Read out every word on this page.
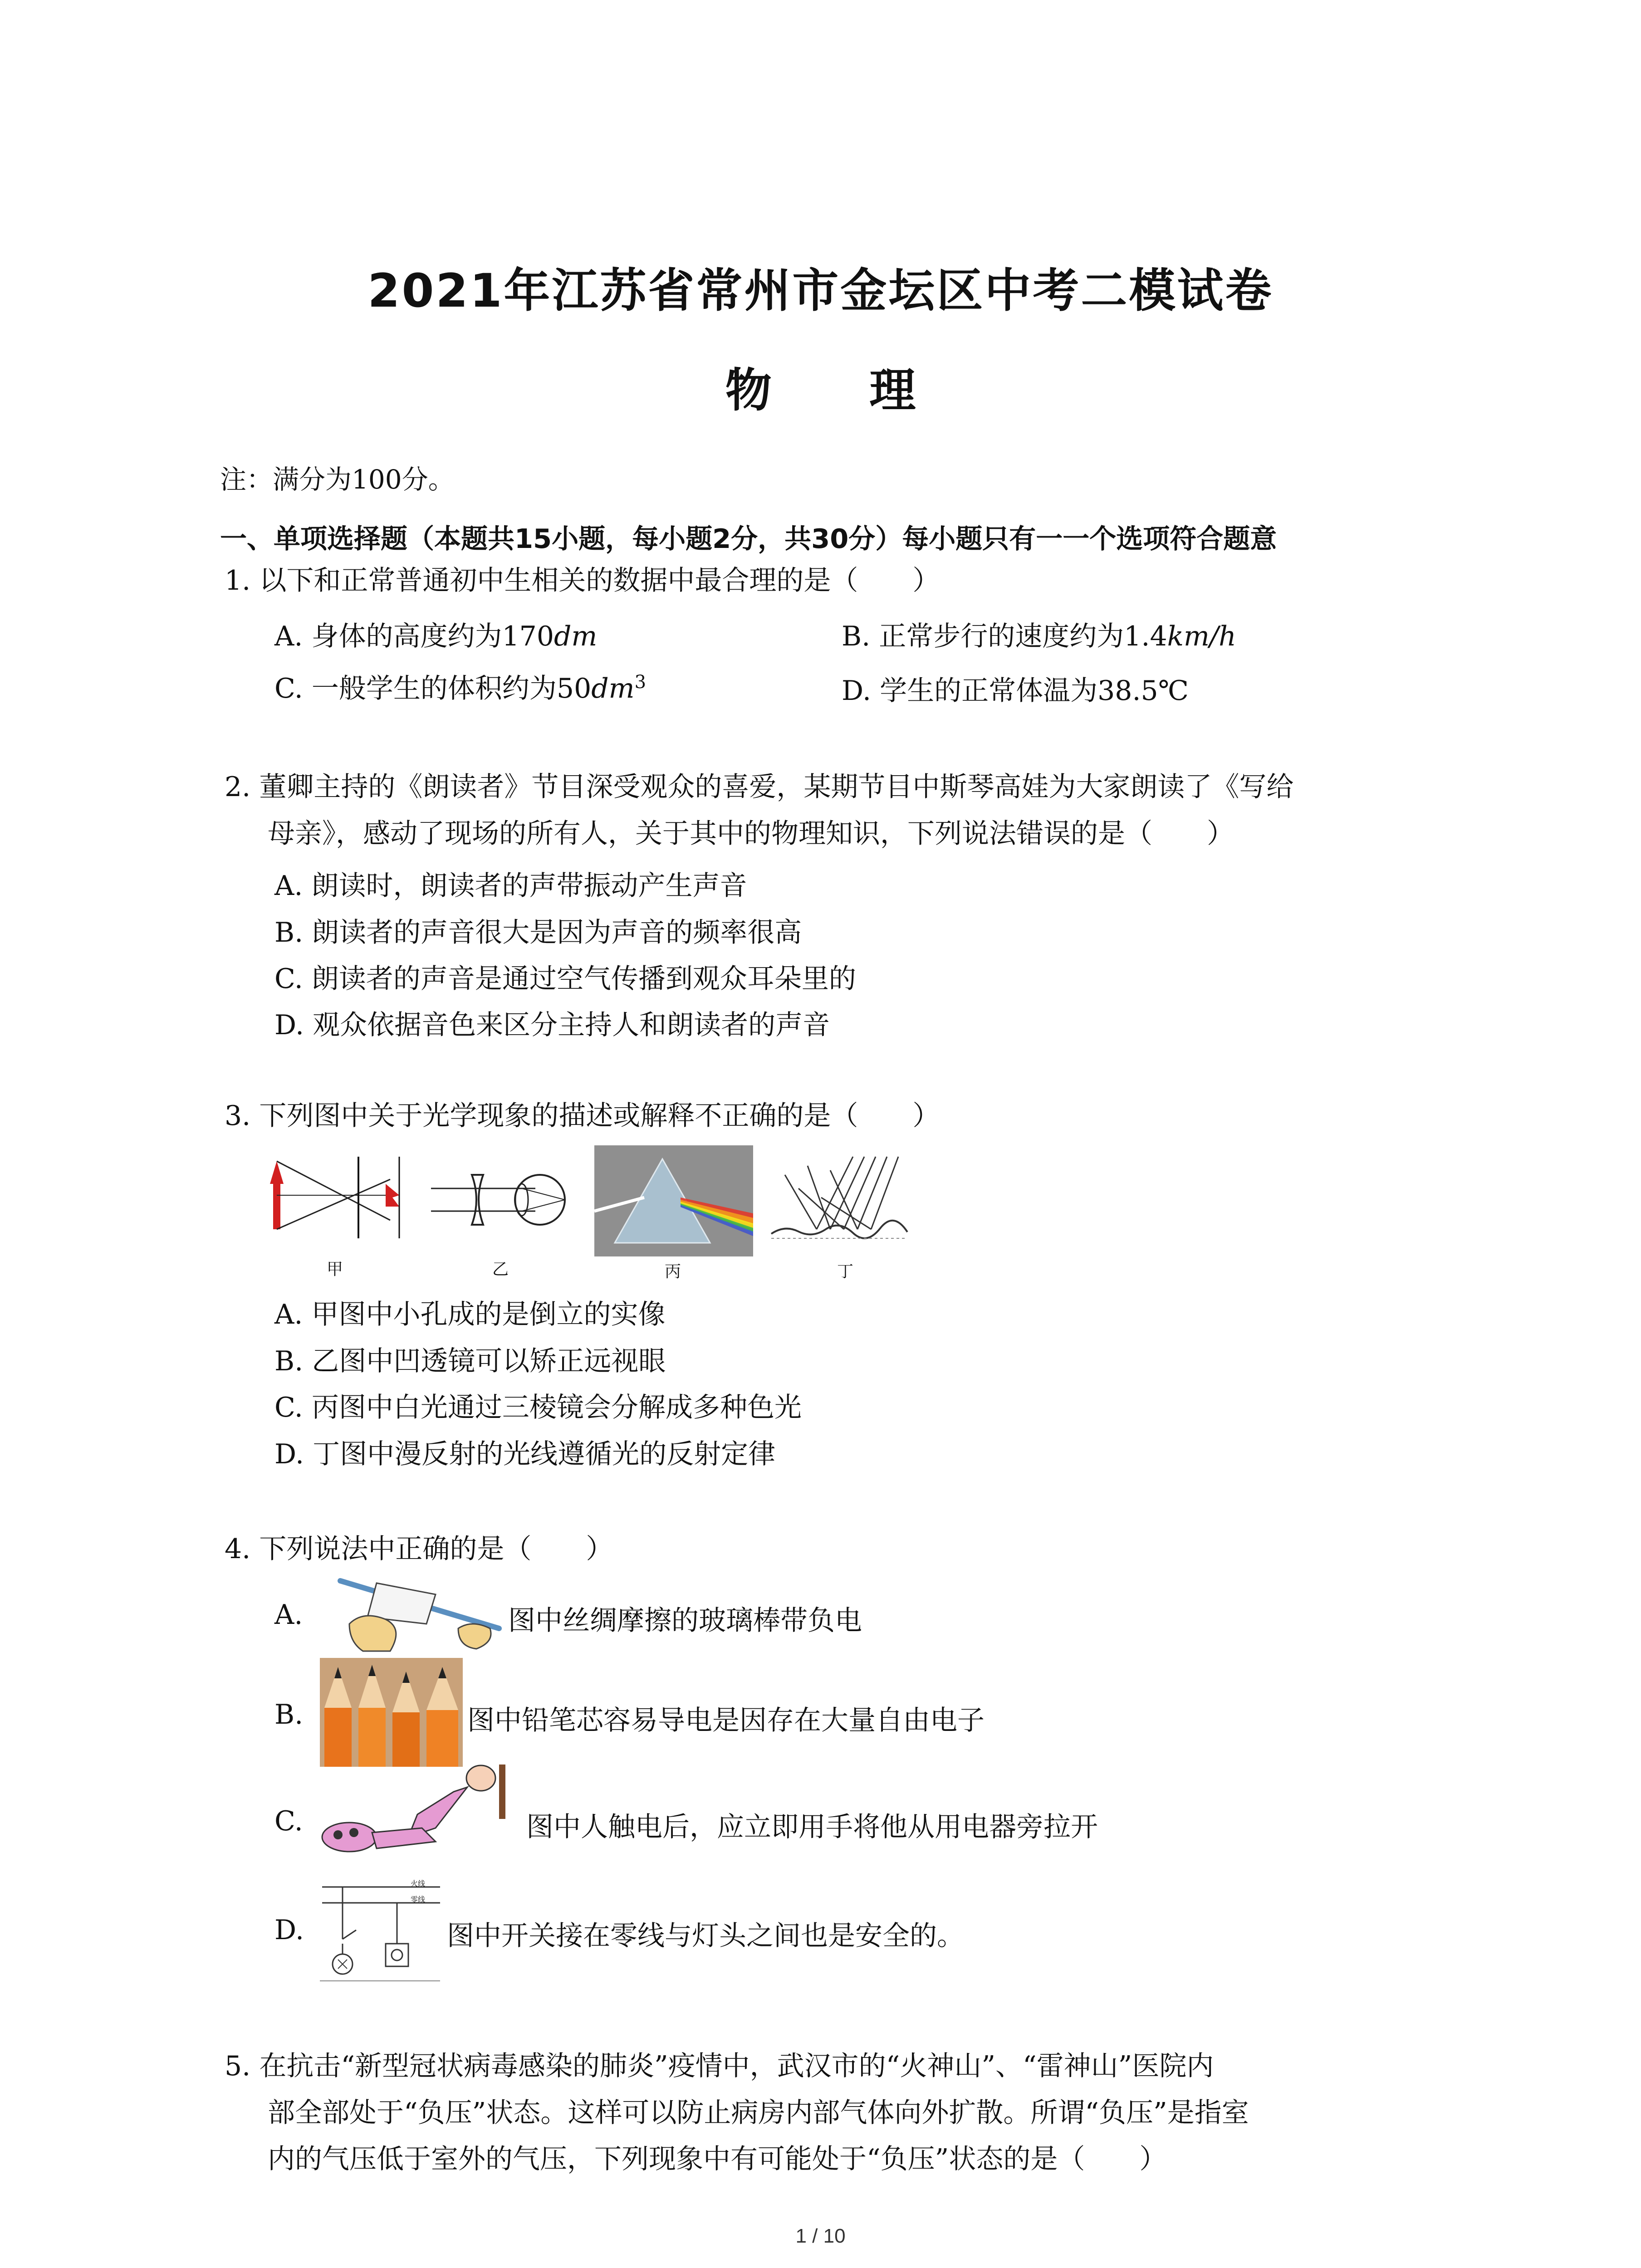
2021年江苏省常州市金坛区中考二模试卷
物 理
注：满分为100分。
一、单项选择题（本题共15小题，每小题2分，共30分）每小题只有一一个选项符合题意
1. 以下和正常普通初中生相关的数据中最合理的是（　　）
A. 身体的高度约为170dm	B. 正常步行的速度约为1.4km/h
C. 一般学生的体积约为$50dm^3$	D. 学生的正常体温为38.5℃
2. 董卿主持的《朗读者》节目深受观众的喜爱，某期节目中斯琴高娃为大家朗读了《写给
母亲》，感动了现场的所有人，关于其中的物理知识，下列说法错误的是（　　）
A. 朗读时，朗读者的声带振动产生声音
B. 朗读者的声音很大是因为声音的频率很高
C. 朗读者的声音是通过空气传播到观众耳朵里的
D. 观众依据音色来区分主持人和朗读者的声音
3. 下列图中关于光学现象的描述或解释不正确的是（　　）
甲	乙	丙	丁
A. 甲图中小孔成的是倒立的实像
B. 乙图中凹透镜可以矫正远视眼
C. 丙图中白光通过三棱镜会分解成多种色光
D. 丁图中漫反射的光线遵循光的反射定律
4. 下列说法中正确的是（　　）
A.	图中丝绸摩擦的玻璃棒带负电
B.	图中铅笔芯容易导电是因存在大量自由电子
C.	图中人触电后，应立即用手将他从用电器旁拉开
D.
火线
零线
图中开关接在零线与灯头之间也是安全的。
5. 在抗击“新型冠状病毒感染的肺炎”疫情中，武汉市的“火神山”、“雷神山”医院内
部全部处于“负压”状态。这样可以防止病房内部气体向外扩散。所谓“负压”是指室
内的气压低于室外的气压，下列现象中有可能处于“负压”状态的是（　　）
1 / 10
